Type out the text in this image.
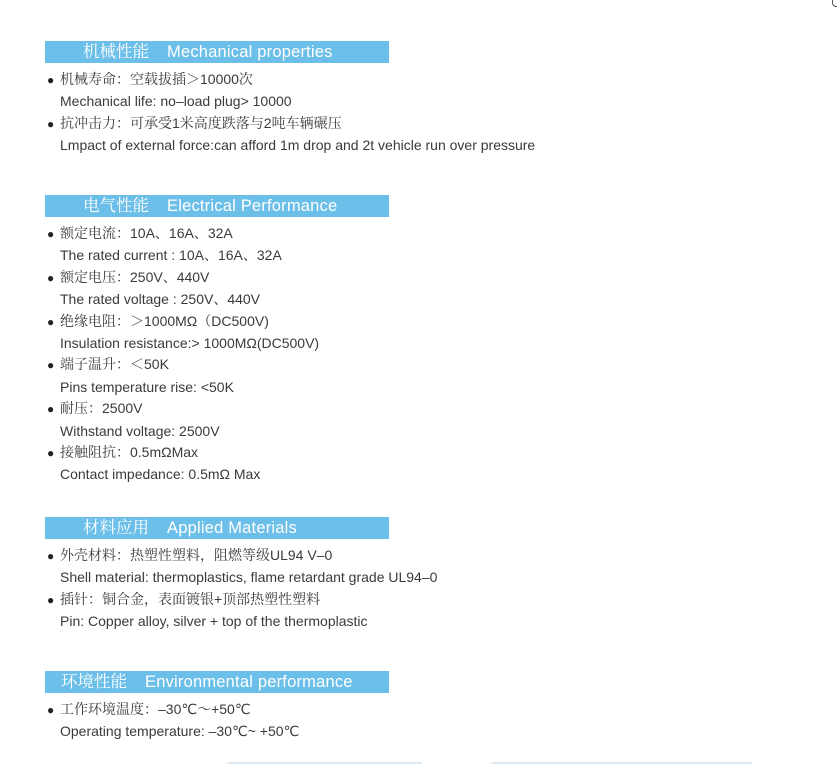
机械性能 Mechanical properties
● 机械寿命：空载拔插＞10000次
Mechanical life: no–load plug> 10000
● 抗冲击力：可承受1米高度跌落与2吨车辆碾压
Lmpact of external force:can afford 1m drop and 2t vehicle run over pressure
电气性能 Electrical Performance
● 额定电流：10A、16A、32A
The rated current : 10A、16A、32A
● 额定电压：250V、440V
The rated voltage : 250V、440V
● 绝缘电阻：＞1000MΩ（DC500V)
Insulation resistance:> 1000MΩ(DC500V)
● 端子温升：＜50K
Pins temperature rise: <50K
● 耐压：2500V
Withstand voltage: 2500V
● 接触阻抗：0.5mΩMax
Contact impedance: 0.5mΩ Max
材料应用 Applied Materials
● 外壳材料：热塑性塑料，阻燃等级UL94 V–0
Shell material: thermoplastics, flame retardant grade UL94–0
● 插针：铜合金，表面镀银+顶部热塑性塑料
Pin: Copper alloy, silver + top of the thermoplastic
环境性能 Environmental performance
● 工作环境温度：–30℃～+50℃
Operating temperature: –30℃~ +50℃
